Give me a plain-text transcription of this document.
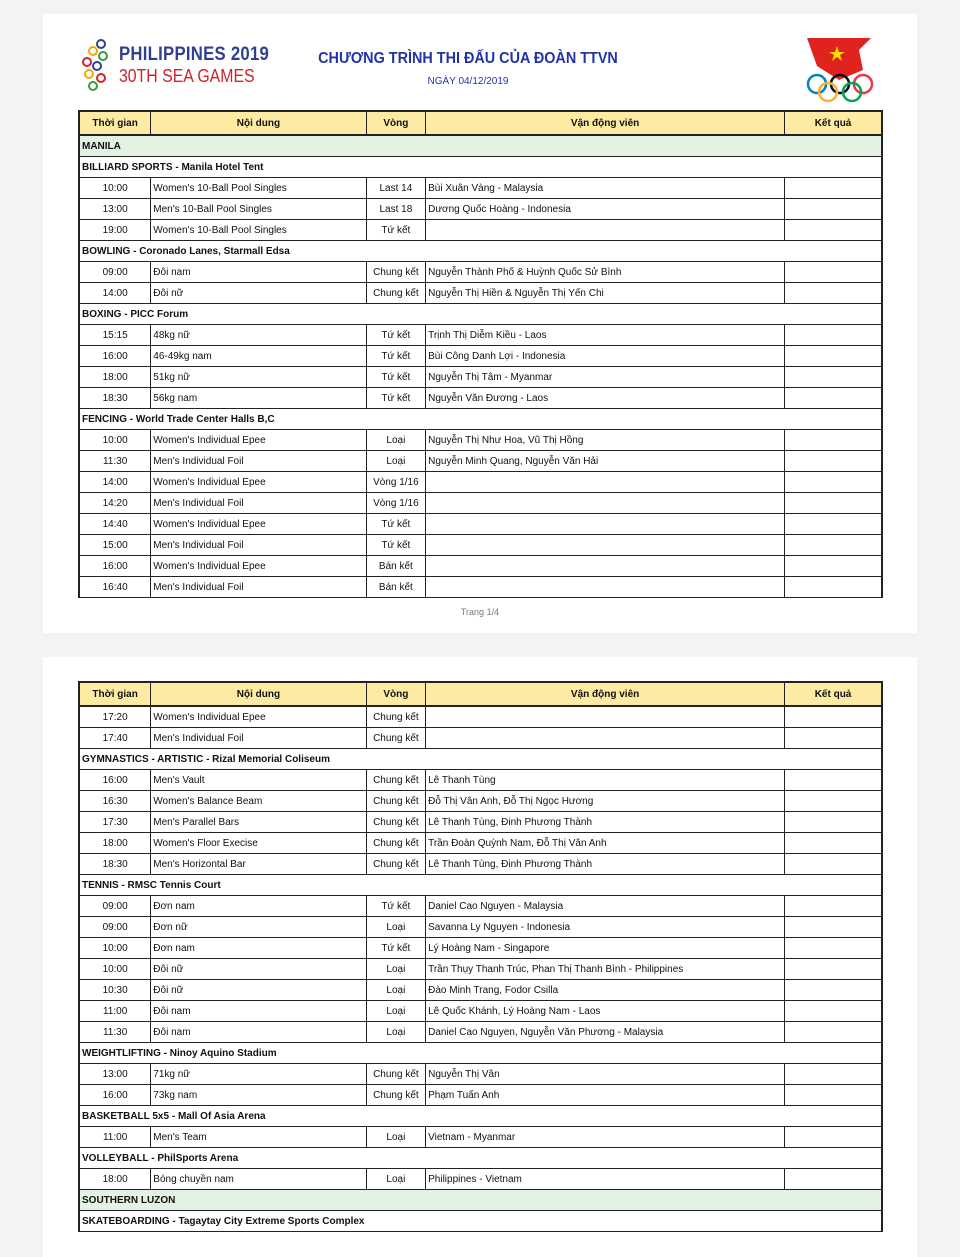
PHILIPPINES 2019
30TH SEA GAMES
CHƯƠNG TRÌNH THI ĐẤU CỦA ĐOÀN TTVN
NGÀY 04/12/2019
Thời gian	Nội dung	Vòng	Vận động viên	Kết quả
MANILA				
BILLIARD SPORTS - Manila Hotel Tent				
10:00	Women's 10-Ball Pool Singles	Last 14	Bùi Xuân Vàng - Malaysia	
13:00	Men's 10-Ball Pool Singles	Last 18	Dương Quốc Hoàng - Indonesia	
19:00	Women's 10-Ball Pool Singles	Tứ kết		
BOWLING - Coronado Lanes, Starmall Edsa				
09:00	Đôi nam	Chung kết	Nguyễn Thành Phố & Huỳnh Quốc Sử Bình	
14:00	Đôi nữ	Chung kết	Nguyễn Thị Hiền & Nguyễn Thị Yến Chi	
BOXING - PICC Forum				
15:15	48kg nữ	Tứ kết	Trịnh Thị Diễm Kiều - Laos	
16:00	46-49kg nam	Tứ kết	Bùi Công Danh Lợi - Indonesia	
18:00	51kg nữ	Tứ kết	Nguyễn Thị Tâm - Myanmar	
18:30	56kg nam	Tứ kết	Nguyễn Văn Đương - Laos	
FENCING - World Trade Center Halls B,C				
10:00	Women's Individual Epee	Loại	Nguyễn Thị Như Hoa, Vũ Thị Hồng	
11:30	Men's Individual Foil	Loại	Nguyễn Minh Quang, Nguyễn Văn Hải	
14:00	Women's Individual Epee	Vòng 1/16		
14:20	Men's Individual Foil	Vòng 1/16		
14:40	Women's Individual Epee	Tứ kết		
15:00	Men's Individual Foil	Tứ kết		
16:00	Women's Individual Epee	Bán kết		
16:40	Men's Individual Foil	Bán kết		
Trang 1/4
Thời gian	Nội dung	Vòng	Vận động viên	Kết quả
17:20	Women's Individual Epee	Chung kết		
17:40	Men's Individual Foil	Chung kết		
GYMNASTICS - ARTISTIC - Rizal Memorial Coliseum				
16:00	Men's Vault	Chung kết	Lê Thanh Tùng	
16:30	Women's Balance Beam	Chung kết	Đỗ Thị Vân Anh, Đỗ Thị Ngọc Hương	
17:30	Men's Parallel Bars	Chung kết	Lê Thanh Tùng, Đinh Phương Thành	
18:00	Women's Floor Execise	Chung kết	Trần Đoàn Quỳnh Nam, Đỗ Thị Vân Anh	
18:30	Men's Horizontal Bar	Chung kết	Lê Thanh Tùng, Đinh Phương Thành	
TENNIS - RMSC Tennis Court				
09:00	Đơn nam	Tứ kết	Daniel Cao Nguyen - Malaysia	
09:00	Đơn nữ	Loại	Savanna Ly Nguyen - Indonesia	
10:00	Đơn nam	Tứ kết	Lý Hoàng Nam - Singapore	
10:00	Đôi nữ	Loại	Trần Thụy Thanh Trúc, Phan Thị Thanh Bình - Philippines	
10:30	Đôi nữ	Loại	Đào Minh Trang, Fodor Csilla	
11:00	Đôi nam	Loại	Lê Quốc Khánh, Lý Hoàng Nam - Laos	
11:30	Đôi nam	Loại	Daniel Cao Nguyen, Nguyễn Văn Phương - Malaysia	
WEIGHTLIFTING - Ninoy Aquino Stadium				
13:00	71kg nữ	Chung kết	Nguyễn Thị Vân	
16:00	73kg nam	Chung kết	Phạm Tuấn Anh	
BASKETBALL 5x5 - Mall Of Asia Arena				
11:00	Men's Team	Loại	Vietnam - Myanmar	
VOLLEYBALL - PhilSports Arena				
18:00	Bóng chuyền nam	Loại	Philippines - Vietnam	
SOUTHERN LUZON				
SKATEBOARDING - Tagaytay City Extreme Sports Complex				
